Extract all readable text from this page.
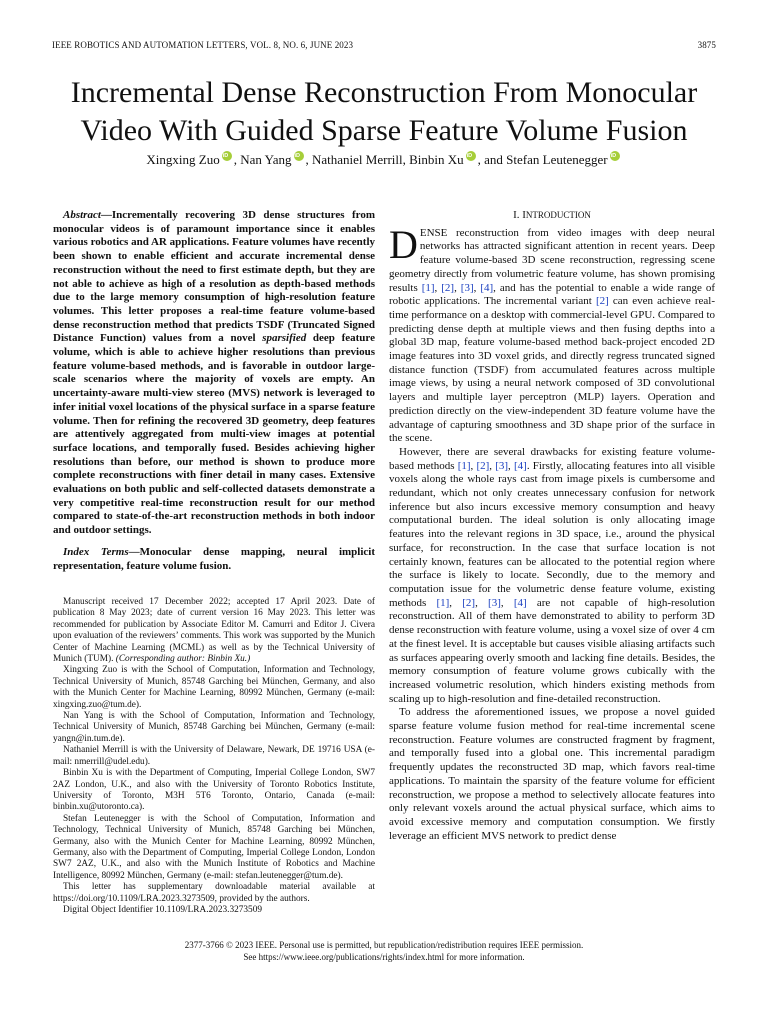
IEEE ROBOTICS AND AUTOMATION LETTERS, VOL. 8, NO. 6, JUNE 2023	3875
Incremental Dense Reconstruction From Monocular
Video With Guided Sparse Feature Volume Fusion
Xingxing Zuo iD , Nan Yang iD , Nathaniel Merrill, Binbin Xu iD , and Stefan LeuteneggeriD

Abstract—Incrementally recovering 3D dense structures from monocular videos is of paramount importance since it enables various robotics and AR applications. Feature volumes have recently been shown to enable efficient and accurate incremental dense reconstruction without the need to first estimate depth, but they are not able to achieve as high of a resolution as depth-based methods due to the large memory consumption of high-resolution feature volumes. This letter proposes a real-time feature volume-based dense reconstruction method that predicts TSDF (Truncated Signed Distance Function) values from a novel sparsified deep feature volume, which is able to achieve higher resolutions than previous feature volume-based methods, and is favorable in outdoor large-scale scenarios where the majority of voxels are empty. An uncertainty-aware multi-view stereo (MVS) network is leveraged to infer initial voxel locations of the physical surface in a sparse feature volume. Then for refining the recovered 3D geometry, deep features are attentively aggregated from multi-view images at potential surface locations, and temporally fused. Besides achieving higher resolutions than before, our method is shown to produce more complete reconstructions with finer detail in many cases. Extensive evaluations on both public and self-collected datasets demonstrate a very competitive real-time reconstruction result for our method compared to state-of-the-art reconstruction methods in both indoor and outdoor settings.

Index Terms—Monocular dense mapping, neural implicit representation, feature volume fusion.

Manuscript received 17 December 2022; accepted 17 April 2023. Date of publication 8 May 2023; date of current version 16 May 2023. This letter was recommended for publication by Associate Editor M. Camurri and Editor J. Civera upon evaluation of the reviewers’ comments. This work was supported by the Munich Center of Machine Learning (MCML) as well as by the Technical University of Munich (TUM). (Corresponding author: Binbin Xu.)

Xingxing Zuo is with the School of Computation, Information and Technology, Technical University of Munich, 85748 Garching bei München, Germany, and also with the Munich Center for Machine Learning, 80992 München, Germany (e-mail: xingxing.zuo@tum.de).

Nan Yang is with the School of Computation, Information and Technology, Technical University of Munich, 85748 Garching bei München, Germany (e-mail: yangn@in.tum.de).

Nathaniel Merrill is with the University of Delaware, Newark, DE 19716 USA (e-mail: nmerrill@udel.edu).

Binbin Xu is with the Department of Computing, Imperial College London, SW7 2AZ London, U.K., and also with the University of Toronto Robotics Institute, University of Toronto, M3H 5T6 Toronto, Ontario, Canada (e-mail: binbin.xu@utoronto.ca).

Stefan Leutenegger is with the School of Computation, Information and Technology, Technical University of Munich, 85748 Garching bei München, Germany, also with the Munich Center for Machine Learning, 80992 München, Germany, also with the Department of Computing, Imperial College London, London SW7 2AZ, U.K., and also with the Munich Institute of Robotics and Machine Intelligence, 80992 München, Germany (e-mail: stefan.leutenegger@tum.de).

This letter has supplementary downloadable material available at https://doi.org/10.1109/LRA.2023.3273509, provided by the authors.

Digital Object Identifier 10.1109/LRA.2023.3273509

I. INTRODUCTION

DENSE reconstruction from video images with deep neural networks has attracted significant attention in recent years. Deep feature volume-based 3D scene reconstruction, regressing scene geometry directly from volumetric feature volume, has shown promising results [1], [2], [3], [4], and has the potential to enable a wide range of robotic applications. The incremental variant [2] can even achieve real-time performance on a desktop with commercial-level GPU. Compared to predicting dense depth at multiple views and then fusing depths into a global 3D map, feature volume-based method back-project encoded 2D image features into 3D voxel grids, and directly regress truncated signed distance function (TSDF) from accumulated features across multiple image views, by using a neural network composed of 3D convolutional layers and multiple layer perceptron (MLP) layers. Operation and prediction directly on the view-independent 3D feature volume have the advantage of capturing smoothness and 3D shape prior of the surface in the scene.

However, there are several drawbacks for existing feature volume-based methods [1], [2], [3], [4]. Firstly, allocating features into all visible voxels along the whole rays cast from image pixels is cumbersome and redundant, which not only creates unnecessary confusion for network inference but also incurs excessive memory consumption and heavy computational burden. The ideal solution is only allocating image features into the relevant regions in 3D space, i.e., around the physical surface, for reconstruction. In the case that surface location is not certainly known, features can be allocated to the potential region where the surface is likely to locate. Secondly, due to the memory and computation issue for the volumetric dense feature volume, existing methods [1], [2], [3], [4] are not capable of high-resolution reconstruction. All of them have demonstrated to ability to perform 3D dense reconstruction with feature volume, using a voxel size of over 4 cm at the finest level. It is acceptable but causes visible aliasing artifacts such as surfaces appearing overly smooth and lacking fine details. Besides, the memory consumption of feature volume grows cubically with the increased volumetric resolution, which hinders existing methods from scaling up to high-resolution and fine-detailed reconstruction.

To address the aforementioned issues, we propose a novel guided sparse feature volume fusion method for real-time incremental scene reconstruction. Feature volumes are constructed fragment by fragment, and temporally fused into a global one. This incremental paradigm frequently updates the reconstructed 3D map, which favors real-time applications. To maintain the sparsity of the feature volume for efficient reconstruction, we propose a method to selectively allocate features into only relevant voxels around the actual physical surface, which aims to avoid excessive memory and computation consumption. We firstly leverage an efficient MVS network to predict dense

2377-3766 © 2023 IEEE. Personal use is permitted, but republication/redistribution requires IEEE permission.
See https://www.ieee.org/publications/rights/index.html for more information.
